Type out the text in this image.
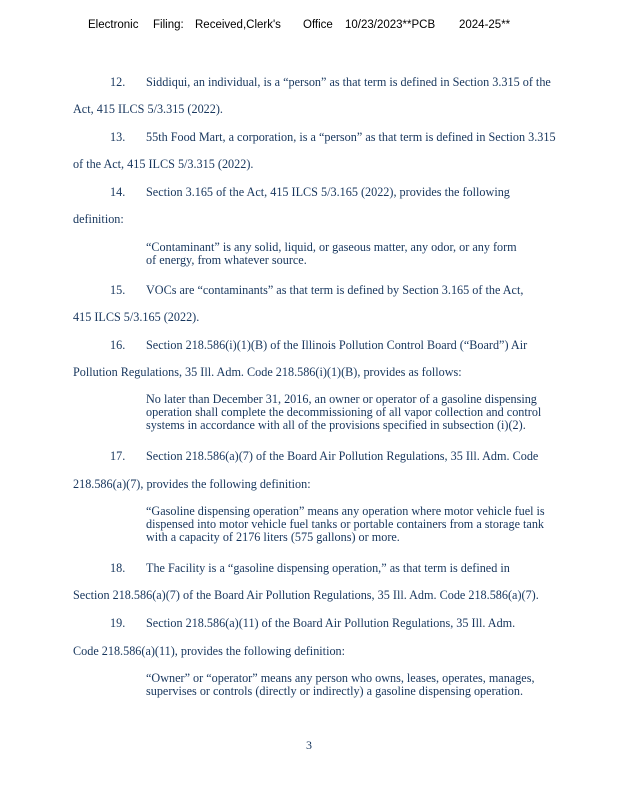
Electronic Filing: Received,Clerk's Office 10/23/2023**PCB 2024-25**
12. Siddiqui, an individual, is a “person” as that term is defined in Section 3.315 of the
Act, 415 ILCS 5/3.315 (2022).
13. 55th Food Mart, a corporation, is a “person” as that term is defined in Section 3.315
of the Act, 415 ILCS 5/3.315 (2022).
14. Section 3.165 of the Act, 415 ILCS 5/3.165 (2022), provides the following
definition:
“Contaminant” is any solid, liquid, or gaseous matter, any odor, or any form
of energy, from whatever source.
15. VOCs are “contaminants” as that term is defined by Section 3.165 of the Act,
415 ILCS 5/3.165 (2022).
16. Section 218.586(i)(1)(B) of the Illinois Pollution Control Board (“Board”) Air
Pollution Regulations, 35 Ill. Adm. Code 218.586(i)(1)(B), provides as follows:
No later than December 31, 2016, an owner or operator of a gasoline dispensing
operation shall complete the decommissioning of all vapor collection and control
systems in accordance with all of the provisions specified in subsection (i)(2).
17. Section 218.586(a)(7) of the Board Air Pollution Regulations, 35 Ill. Adm. Code
218.586(a)(7), provides the following definition:
“Gasoline dispensing operation” means any operation where motor vehicle fuel is
dispensed into motor vehicle fuel tanks or portable containers from a storage tank
with a capacity of 2176 liters (575 gallons) or more.
18. The Facility is a “gasoline dispensing operation,” as that term is defined in
Section 218.586(a)(7) of the Board Air Pollution Regulations, 35 Ill. Adm. Code 218.586(a)(7).
19. Section 218.586(a)(11) of the Board Air Pollution Regulations, 35 Ill. Adm.
Code 218.586(a)(11), provides the following definition:
“Owner” or “operator” means any person who owns, leases, operates, manages,
supervises or controls (directly or indirectly) a gasoline dispensing operation.
3
